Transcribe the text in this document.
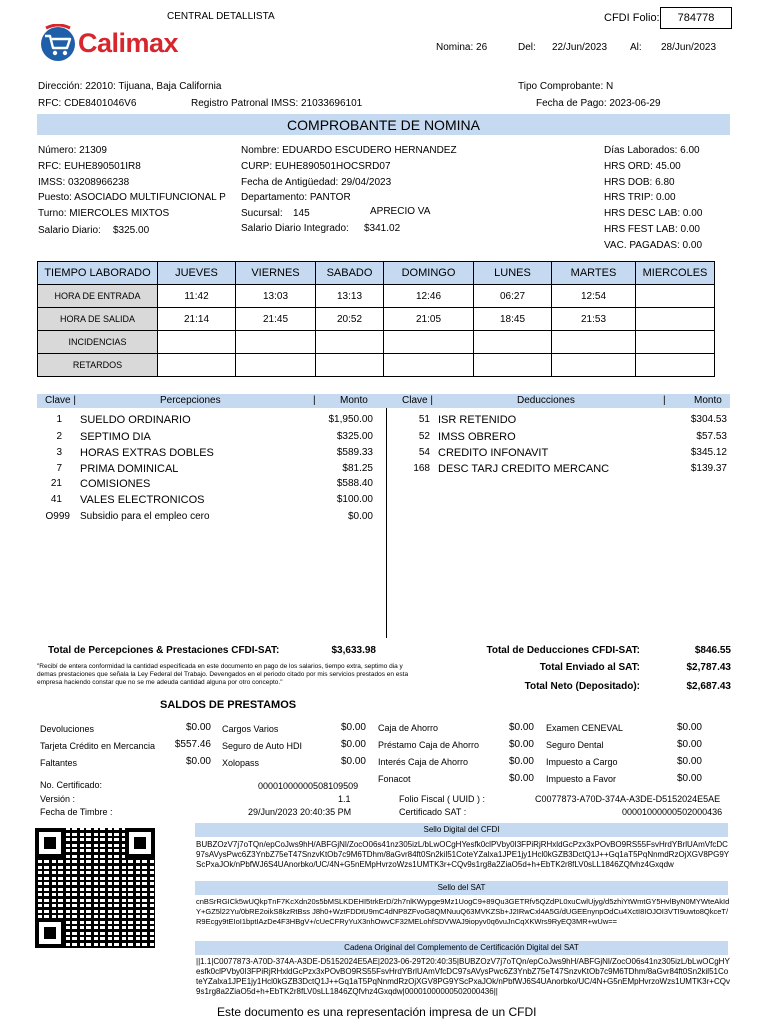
CENTRAL DETALLISTA
Calimax
CFDI Folio:	784778
Nomina: 26	Del: 22/Jun/2023 Al: 28/Jun/2023
Dirección: 22010: Tijuana, Baja California
RFC: CDE8401046V6	Registro Patronal IMSS: 21033696101
Tipo Comprobante: N
Fecha de Pago: 2023-06-29
COMPROBANTE DE NOMINA
Número: 21309
RFC: EUHE890501IR8
IMSS: 03208966238
Puesto: ASOCIADO MULTIFUNCIONAL P
Turno: MIERCOLES MIXTOS
Salario Diario: $325.00
Nombre: EDUARDO ESCUDERO HERNANDEZ
CURP: EUHE890501HOCSRD07
Fecha de Antigüedad: 29/04/2023
Departamento: PANTOR
Sucursal: 145	APRECIO VA
Salario Diario Integrado: $341.02
Días Laborados: 6.00
HRS ORD: 45.00
HRS DOB: 6.80
HRS TRIP: 0.00
HRS DESC LAB: 0.00
HRS FEST LAB: 0.00
VAC. PAGADAS: 0.00
TIEMPO LABORADO	JUEVES	VIERNES	SABADO	DOMINGO	LUNES	MARTES	MIERCOLES
HORA DE ENTRADA	11:42	13:03	13:13	12:46	06:27	12:54	
HORA DE SALIDA	21:14	21:45	20:52	21:05	18:45	21:53	
INCIDENCIAS							
RETARDOS							
Clave |	Percepciones	| Monto	Clave |	Deducciones	|	Monto
1 SUELDO ORDINARIO	$1,950.00
2 SEPTIMO DIA	$325.00
3 HORAS EXTRAS DOBLES	$589.33
7 PRIMA DOMINICAL	$81.25
21 COMISIONES	$588.40
41 VALES ELECTRONICOS	$100.00
O999 Subsidio para el empleo cero	$0.00
51 ISR RETENIDO	$304.53
52 IMSS OBRERO	$57.53
54 CREDITO INFONAVIT	$345.12
168 DESC TARJ CREDITO MERCANC	$139.37
Total de Percepciones & Prestaciones CFDI-SAT:	$3,633.98	Total de Deducciones CFDI-SAT:	$846.55
Total Enviado al SAT:	$2,787.43
Total Neto (Depositado):	$2,687.43
"Recibí de entera conformidad la cantidad especificada en este documento en pago de los salarios, tiempo extra, septimo dia y demas prestaciones que señala la Ley Federal del Trabajo. Devengados en el periodo citado por mis servicios prestados en esta empresa haciendo constar que no se me adeuda cantidad alguna por otro concepto."
SALDOS DE PRESTAMOS
Devoluciones	$0.00
Tarjeta Crédito en Mercancia	$557.46
Faltantes	$0.00
Cargos Varios	$0.00
Seguro de Auto HDI	$0.00
Xolopass	$0.00
Caja de Ahorro	$0.00
Préstamo Caja de Ahorro	$0.00
Interés Caja de Ahorro	$0.00
Fonacot	$0.00
Examen CENEVAL	$0.00
Seguro Dental	$0.00
Impuesto a Cargo	$0.00
Impuesto a Favor	$0.00
No. Certificado:	00001000000508109509
Versión :	1.1
Fecha de Timbre :	29/Jun/2023 20:40:35 PM
Folio Fiscal ( UUID ) :	C0077873-A70D-374A-A3DE-D5152024E5AE
Certificado SAT :	00001000000502000436
Sello Digital del CFDI
BUBZOzV7j7oTQn/epCoJws9hH/ABFGjNl/ZocO06s41nz305izL/bLwOCgHYesfk0clPVby0I3FPiRjRHxldGcPzx3xPOvBO9RS55FsvHrdYBrlUAmVfcDC97sAVysPwc6Z3YnbZ75eT47SnzvKtOb7c9M6TDhm/8aGvr84ft0Sn2kil51CoteYZalxa1JPE1jy1Hcl0kGZB3DctQ1J++Gq1aT5PqNnmdRzOjXGV8PG9YScPxaJOk/nPbfWJ6S4UAnorbko/UC/4N+G5nEMpHvrzoWzs1UMTK3r+CQv9s1rg8a2ZiaO5d+h+EbTK2r8fLV0sLL1846ZQfvhz4Gxqdw
Sello del SAT
cnBSrRGICk5wUQkpTnF7KcXdn20s5bMSLKDEHI5trkErD/2h7nlKWypge9Mz1UogC9+89Qu3GETRfv5QZdPL0xuCwlUjyg/d5zhiYtWmtGY5HvlByN0MYWteAkIdY+GZ5l22Yu/0bRE2oikS8kzRtBss J8h0+WztFDDtU9mC4dNP8ZFvoG8QMNuuQ63MVKZSb+J2IRwCxl4A5G/dUGEEnynpOdCu4XctI8IOJOI3VTI9uwto8QkceT/R9Ecgy9tEIoI1bptIAzDe4F3HBgV+/cUeCFRyYuX3nhOwvCF32MELohfSDVWAJ9iopyv0q6vuJnCqXKWrs9RyEQ3MR+wUw==
Cadena Original del Complemento de Certificación Digital del SAT
||1.1|C0077873-A70D-374A-A3DE-D5152024E5AE|2023-06-29T20:40:35|BUBZOzV7j7oTQn/epCoJws9hH/ABFGjNl/ZocO06s41nz305izL/bLwOCgHYesfk0clPVby0I3FPiRjRHxldGcPzx3xPOvBO9RS55FsvHrdYBrlUAmVfcDC97sAVysPwc6Z3YnbZ75eT47SnzvKtOb7c9M6TDhm/8aGvr84ft0Sn2kil51CoteYZalxa1JPE1jy1Hcl0kGZB3DctQ1J++Gq1aT5PqNnmdRzOjXGV8PG9YScPxaJOk/nPbfWJ6S4UAnorbko/UC/4N+G5nEMpHvrzoWzs1UMTK3r+CQv9s1rg8a2ZiaO5d+h+EbTK2r8fLV0sLL1846ZQfvhz4Gxqdw|00001000000502000436||
Este documento es una representación impresa de un CFDI
